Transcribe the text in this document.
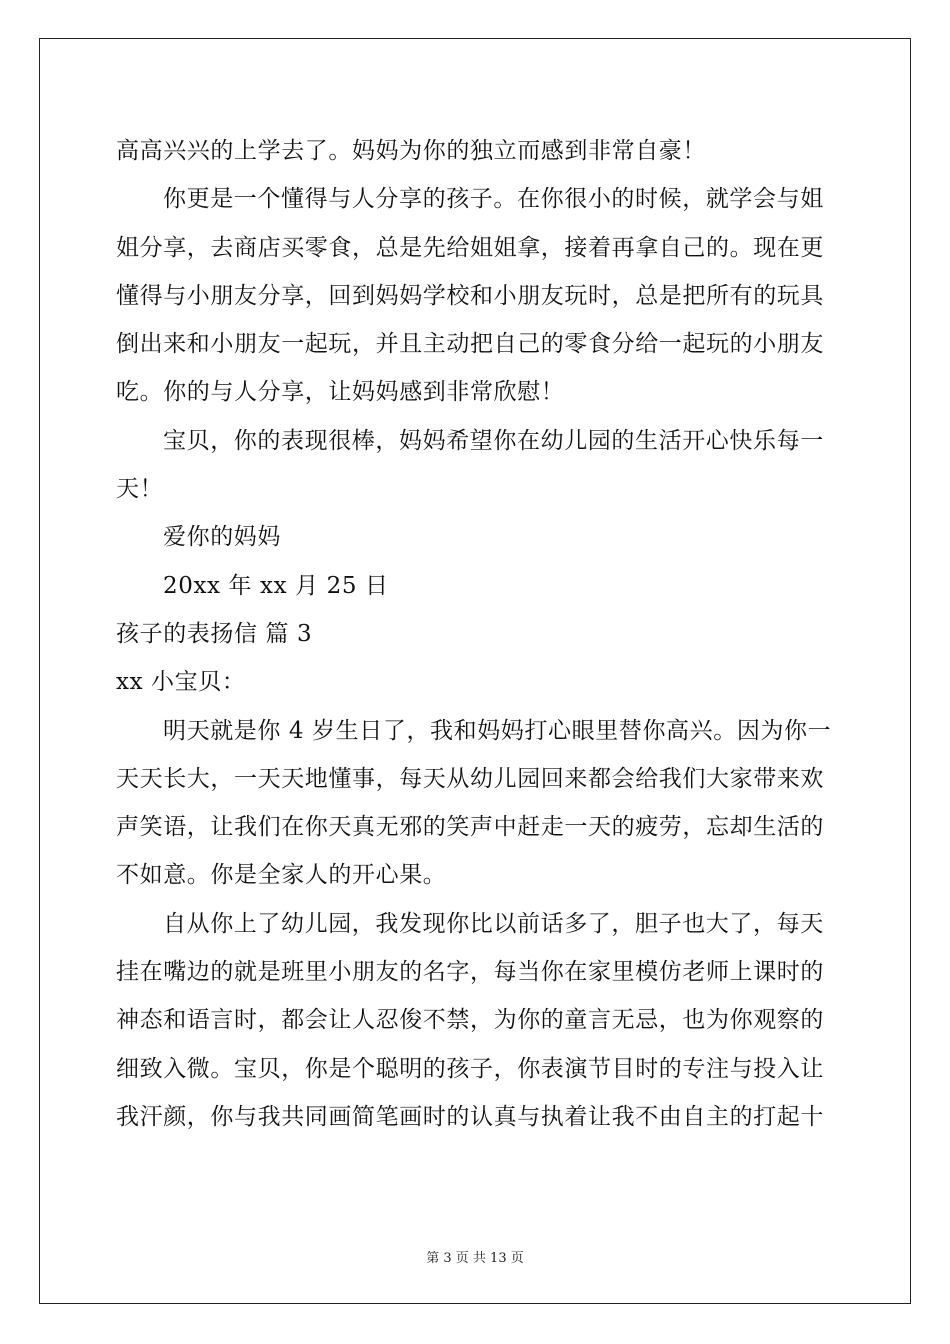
高高兴兴的上学去了。妈妈为你的独立而感到非常自豪！
你更是一个懂得与人分享的孩子。在你很小的时候，就学会与姐
姐分享，去商店买零食，总是先给姐姐拿，接着再拿自己的。现在更
懂得与小朋友分享，回到妈妈学校和小朋友玩时，总是把所有的玩具
倒出来和小朋友一起玩，并且主动把自己的零食分给一起玩的小朋友
吃。你的与人分享，让妈妈感到非常欣慰！
宝贝，你的表现很棒，妈妈希望你在幼儿园的生活开心快乐每一
天！
爱你的妈妈
20xx 年 xx 月 25 日
孩子的表扬信 篇 3
xx 小宝贝：
明天就是你 4 岁生日了，我和妈妈打心眼里替你高兴。因为你一
天天长大，一天天地懂事，每天从幼儿园回来都会给我们大家带来欢
声笑语，让我们在你天真无邪的笑声中赶走一天的疲劳，忘却生活的
不如意。你是全家人的开心果。
自从你上了幼儿园，我发现你比以前话多了，胆子也大了，每天
挂在嘴边的就是班里小朋友的名字，每当你在家里模仿老师上课时的
神态和语言时，都会让人忍俊不禁，为你的童言无忌，也为你观察的
细致入微。宝贝，你是个聪明的孩子，你表演节目时的专注与投入让
我汗颜，你与我共同画简笔画时的认真与执着让我不由自主的打起十
第 3 页 共 13 页
